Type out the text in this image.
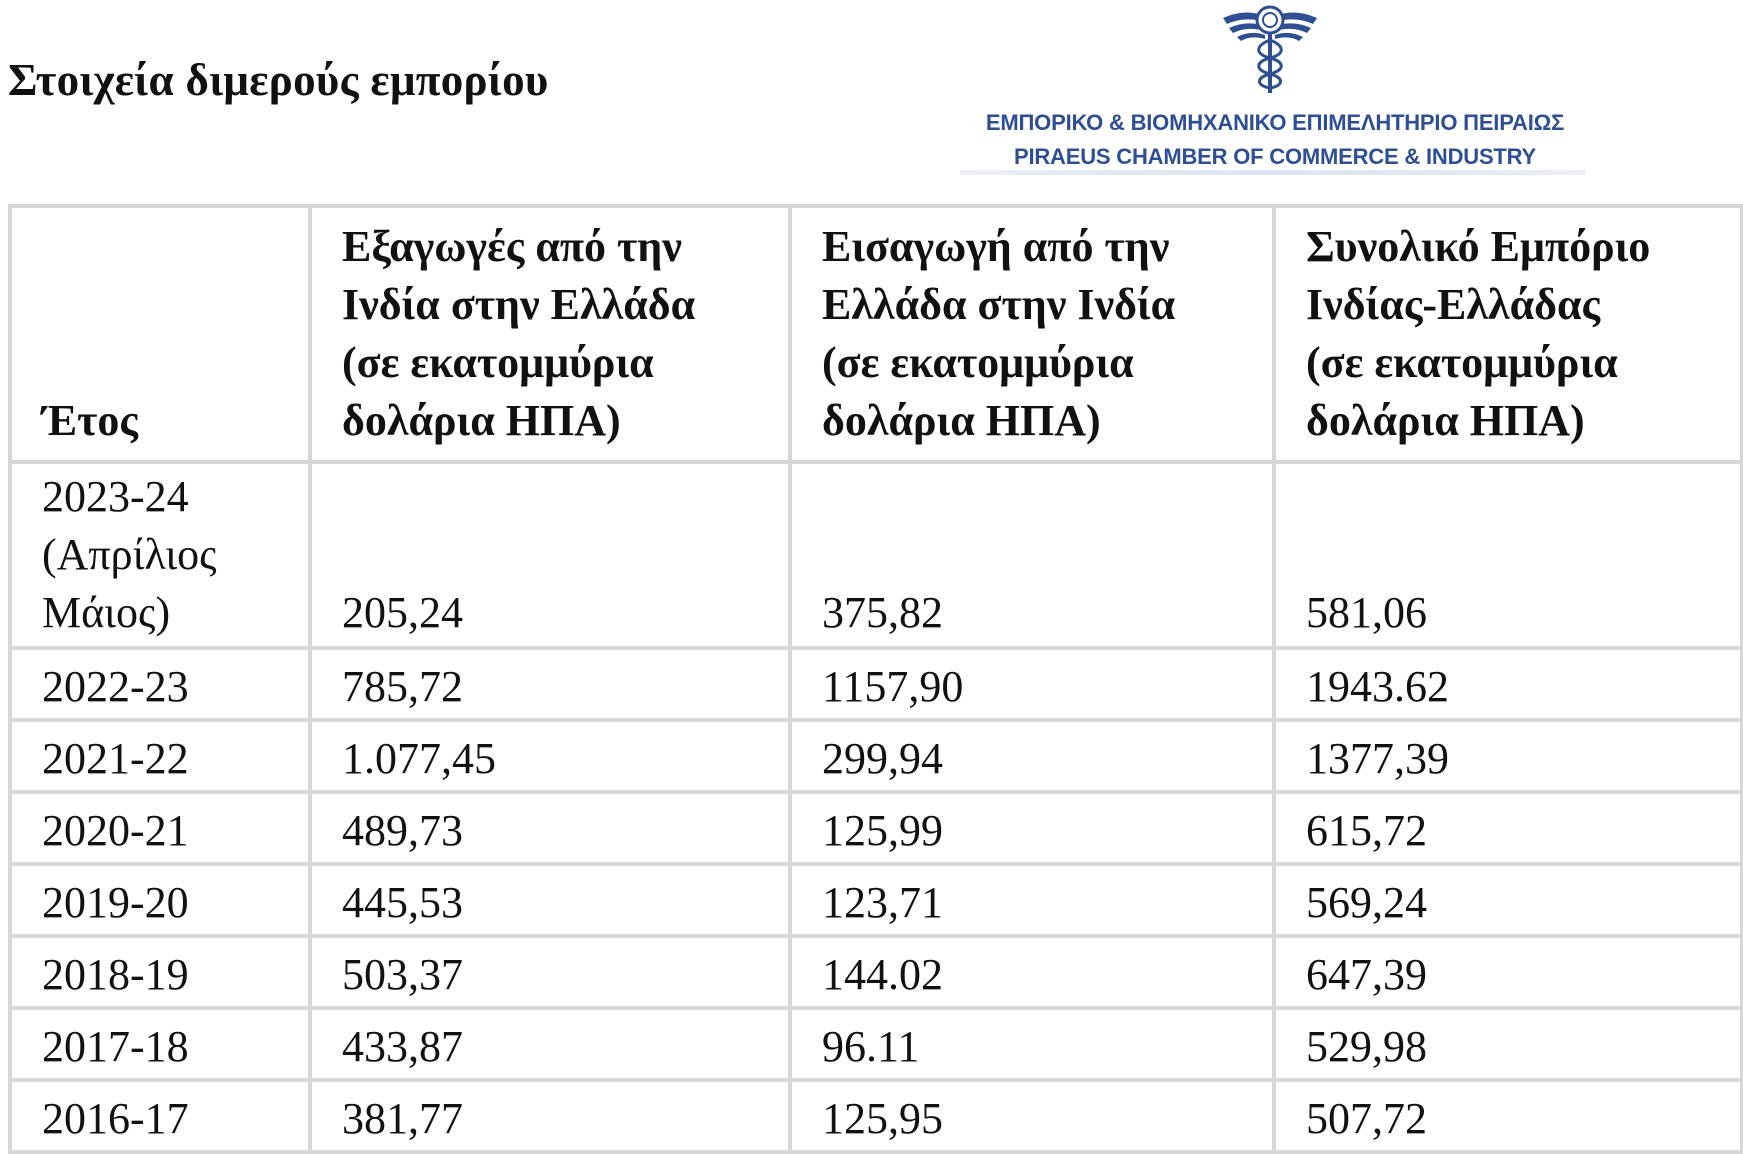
Στοιχεία διμερούς εμπορίου
ΕΜΠΟΡΙΚΟ & ΒΙΟΜΗΧΑΝΙΚΟ ΕΠΙΜΕΛΗΤΗΡΙΟ ΠΕΙΡΑΙΩΣ
PIRAEUS CHAMBER OF COMMERCE & INDUSTRY
Έτος	Εξαγωγές από την
Ινδία στην Ελλάδα
(σε εκατομμύρια
δολάρια ΗΠΑ)	Εισαγωγή από την
Ελλάδα στην Ινδία
(σε εκατομμύρια
δολάρια ΗΠΑ)	Συνολικό Εμπόριο
Ινδίας-Ελλάδας
(σε εκατομμύρια
δολάρια ΗΠΑ)

2023-24
(Απρίλιος
Μάιος)	205,24	375,82	581,06
2022-23	785,72	1157,90	1943.62
2021-22	1.077,45	299,94	1377,39
2020-21	489,73	125,99	615,72
2019-20	445,53	123,71	569,24
2018-19	503,37	144.02	647,39
2017-18	433,87	96.11	529,98
2016-17	381,77	125,95	507,72
